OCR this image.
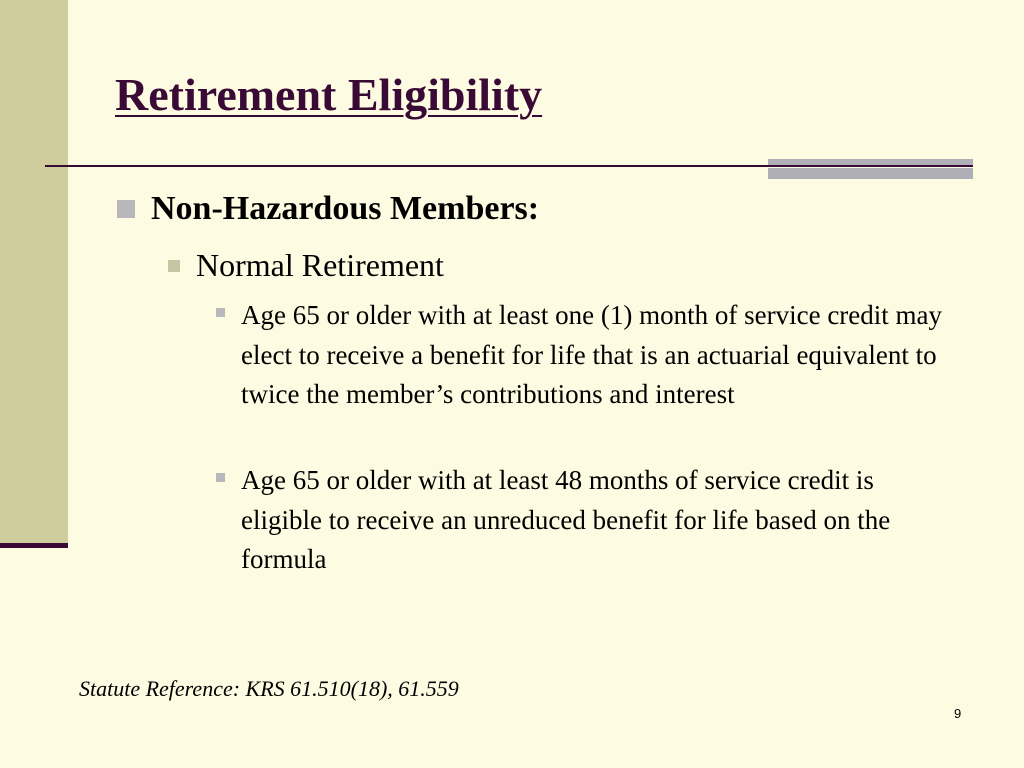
Retirement Eligibility
Non-Hazardous Members:
Normal Retirement
Age 65 or older with at least one (1) month of service credit may elect to receive a benefit for life that is an actuarial equivalent to twice the member’s contributions and interest
Age 65 or older with at least 48 months of service credit is eligible to receive an unreduced benefit for life based on the formula
Statute Reference: KRS 61.510(18), 61.559
9
